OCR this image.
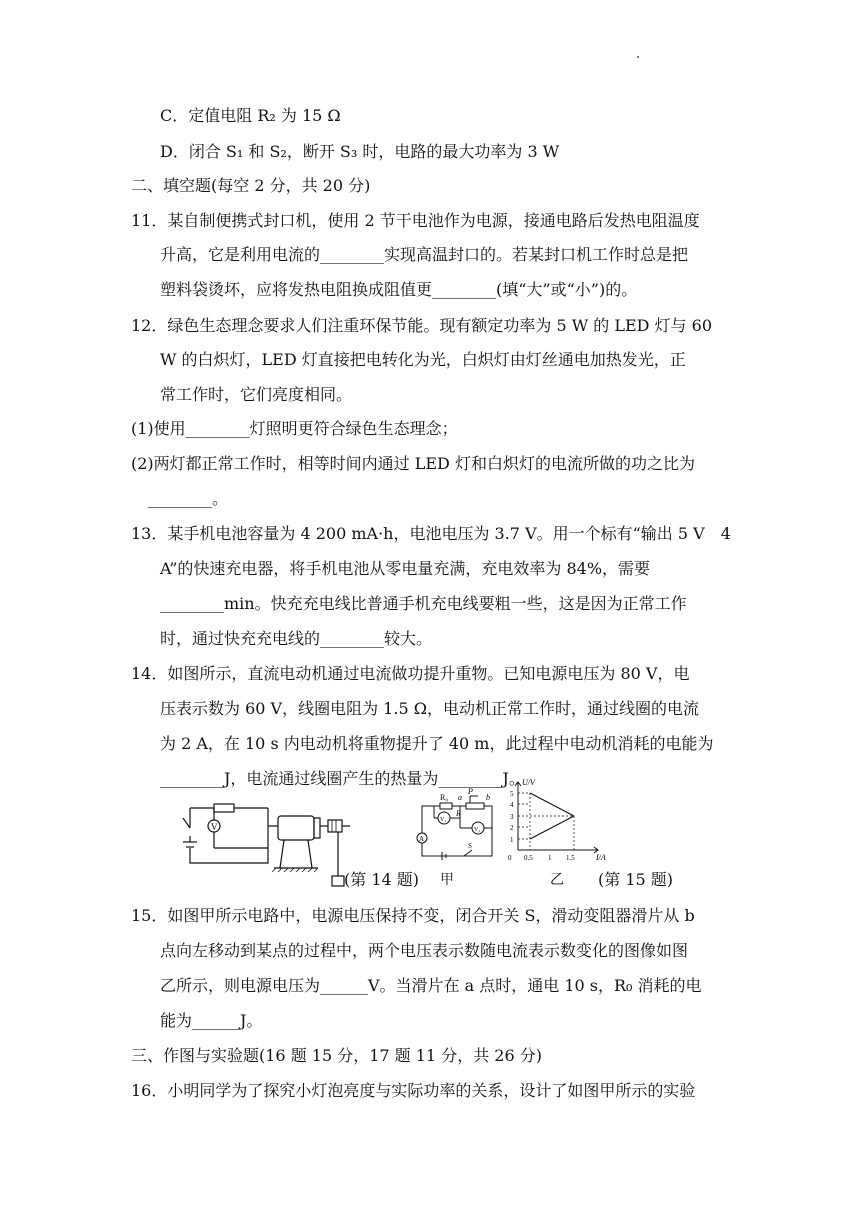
C．定值电阻 R₂ 为 15 Ω
D．闭合 S₁ 和 S₂，断开 S₃ 时，电路的最大功率为 3 W
二、填空题(每空 2 分，共 20 分)
11．某自制便携式封口机，使用 2 节干电池作为电源，接通电路后发热电阻温度
升高，它是利用电流的________实现高温封口的。若某封口机工作时总是把
塑料袋烫坏，应将发热电阻换成阻值更________(填“大”或“小”)的。
12．绿色生态理念要求人们注重环保节能。现有额定功率为 5 W 的 LED 灯与 60
W 的白炽灯，LED 灯直接把电转化为光，白炽灯由灯丝通电加热发光，正
常工作时，它们亮度相同。
(1)使用________灯照明更符合绿色生态理念；
(2)两灯都正常工作时，相等时间内通过 LED 灯和白炽灯的电流所做的功之比为
________。
13．某手机电池容量为 4 200 mA·h，电池电压为 3.7 V。用一个标有“输出 5 V　4
A”的快速充电器，将手机电池从零电量充满，充电效率为 84%，需要
________min。快充充电线比普通手机充电线要粗一些，这是因为正常工作
时，通过快充充电线的________较大。
14．如图所示，直流电动机通过电流做功提升重物。已知电源电压为 80 V，电
压表示数为 60 V，线圈电阻为 1.5 Ω，电动机正常工作时，通过线圈的电流
为 2 A，在 10 s 内电动机将重物提升了 40 m，此过程中电动机消耗的电能为
________J，电流通过线圈产生的热量为________J。
V
(第 14 题)
R₀ a
P
b
R
A
V₁
V₂
S
甲
U/V
I/A
1
2
3
4
5
0 0.5 1 1.5
乙 (第 15 题)
15．如图甲所示电路中，电源电压保持不变，闭合开关 S，滑动变阻器滑片从 b
点向左移动到某点的过程中，两个电压表示数随电流表示数变化的图像如图
乙所示，则电源电压为______V。当滑片在 a 点时，通电 10 s，R₀ 消耗的电
能为______J。
三、作图与实验题(16 题 15 分，17 题 11 分，共 26 分)
16．小明同学为了探究小灯泡亮度与实际功率的关系，设计了如图甲所示的实验
